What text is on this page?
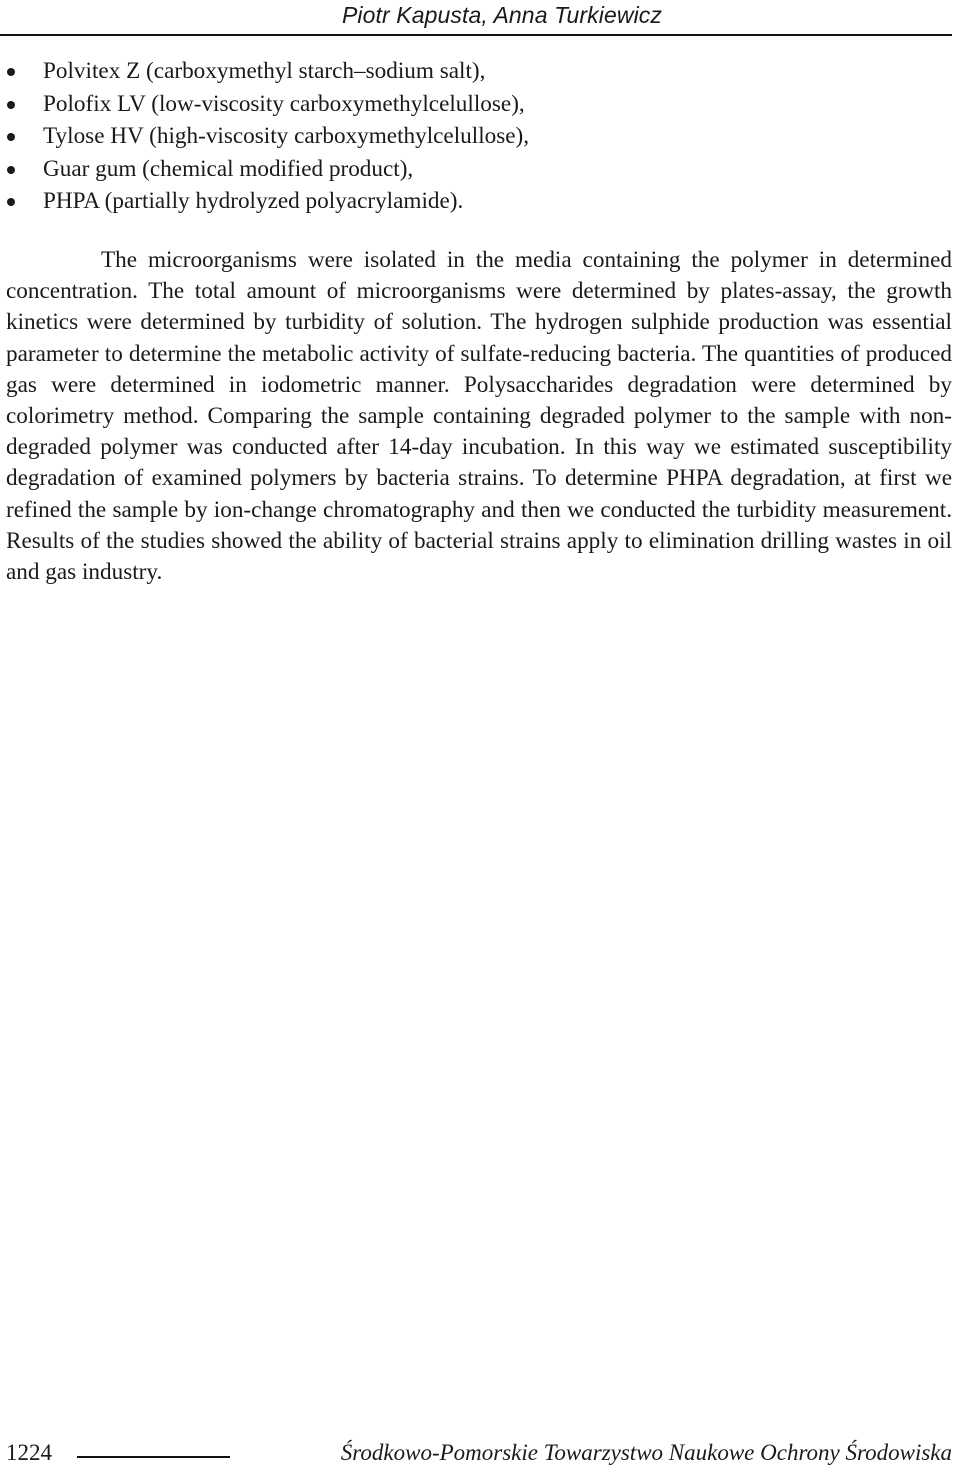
Piotr Kapusta, Anna Turkiewicz
Polvitex Z (carboxymethyl starch–sodium salt),
Polofix LV (low-viscosity carboxymethylcelullose),
Tylose HV (high-viscosity carboxymethylcelullose),
Guar gum (chemical modified product),
PHPA (partially hydrolyzed polyacrylamide).

The microorganisms were isolated in the media containing the polymer in determined concentration. The total amount of microorganisms were determined by plates-assay, the growth kinetics were determined by turbidity of solution. The hydrogen sulphide production was essential parameter to determine the metabolic activity of sulfate-reducing bacteria. The quantities of produced gas were determined in iodometric manner. Polysaccharides degradation were determined by colorimetry method. Comparing the sample containing degraded polymer to the sample with non-degraded polymer was conducted after 14-day incubation. In this way we estimated susceptibility degradation of examined polymers by bacteria strains. To determine PHPA degradation, at first we refined the sample by ion-change chromatography and then we conducted the turbidity measurement. Results of the studies showed the ability of bacterial strains apply to elimination drilling wastes in oil and gas industry.

1224	Środkowo-Pomorskie Towarzystwo Naukowe Ochrony Środowiska
